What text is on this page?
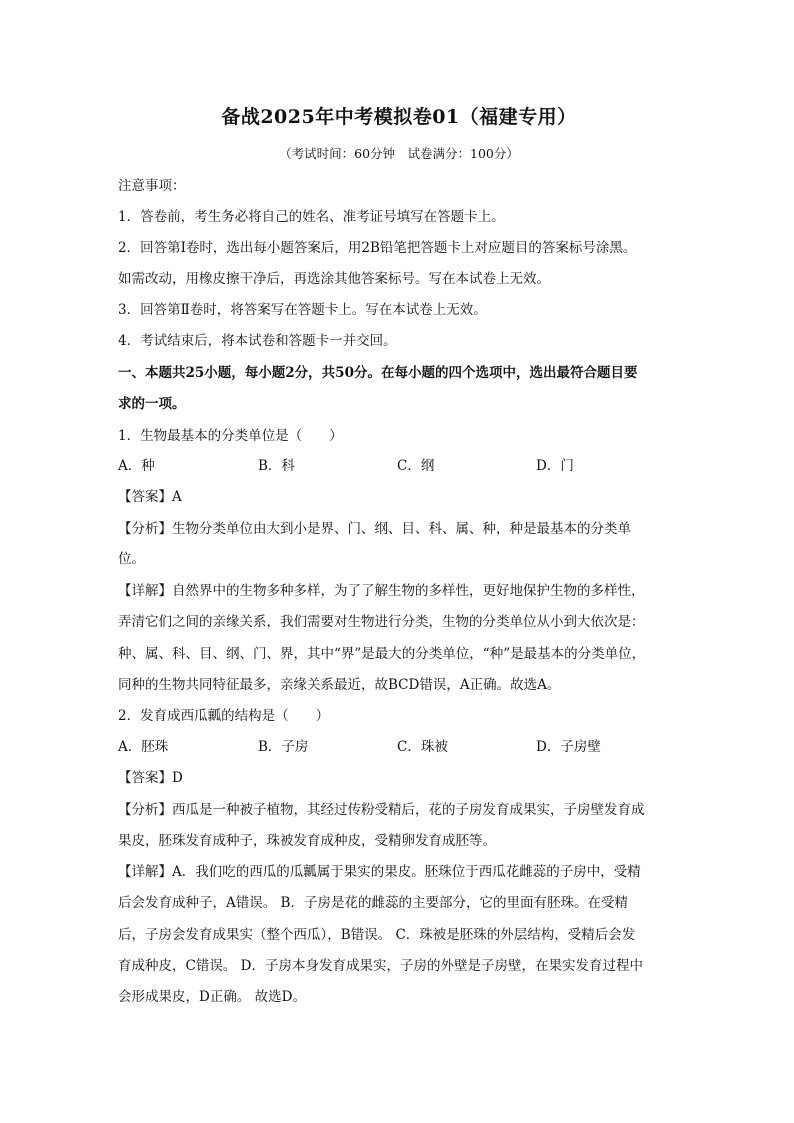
备战2025年中考模拟卷01（福建专用）
（考试时间：60分钟　试卷满分：100分）
注意事项：
1．答卷前，考生务必将自己的姓名、准考证号填写在答题卡上。
2．回答第Ⅰ卷时，选出每小题答案后，用2B铅笔把答题卡上对应题目的答案标号涂黑。
如需改动，用橡皮擦干净后，再选涂其他答案标号。写在本试卷上无效。
3．回答第Ⅱ卷时，将答案写在答题卡上。写在本试卷上无效。
4．考试结束后，将本试卷和答题卡一并交回。
一、本题共25小题，每小题2分，共50分。在每小题的四个选项中，选出最符合题目要
求的一项。
1．生物最基本的分类单位是（　　）
A．种	B．科	C．纲	D．门
【答案】A
【分析】生物分类单位由大到小是界、门、纲、目、科、属、种，种是最基本的分类单
位。
【详解】自然界中的生物多种多样，为了了解生物的多样性，更好地保护生物的多样性，
弄清它们之间的亲缘关系，我们需要对生物进行分类，生物的分类单位从小到大依次是：
种、属、科、目、纲、门、界，其中“界”是最大的分类单位，“种”是最基本的分类单位，
同种的生物共同特征最多，亲缘关系最近，故BCD错误，A正确。故选A。
2．发育成西瓜瓤的结构是（　　）
A．胚珠	B．子房	C．珠被	D．子房壁
【答案】D
【分析】西瓜是一种被子植物，其经过传粉受精后，花的子房发育成果实，子房壁发育成
果皮，胚珠发育成种子，珠被发育成种皮，受精卵发育成胚等。
【详解】A．我们吃的西瓜的瓜瓤属于果实的果皮。胚珠位于西瓜花雌蕊的子房中，受精
后会发育成种子，A错误。 B．子房是花的雌蕊的主要部分，它的里面有胚珠。在受精
后，子房会发育成果实（整个西瓜），B错误。 C．珠被是胚珠的外层结构，受精后会发
育成种皮，C错误。 D．子房本身发育成果实，子房的外壁是子房壁，在果实发育过程中
会形成果皮，D正确。 故选D。
